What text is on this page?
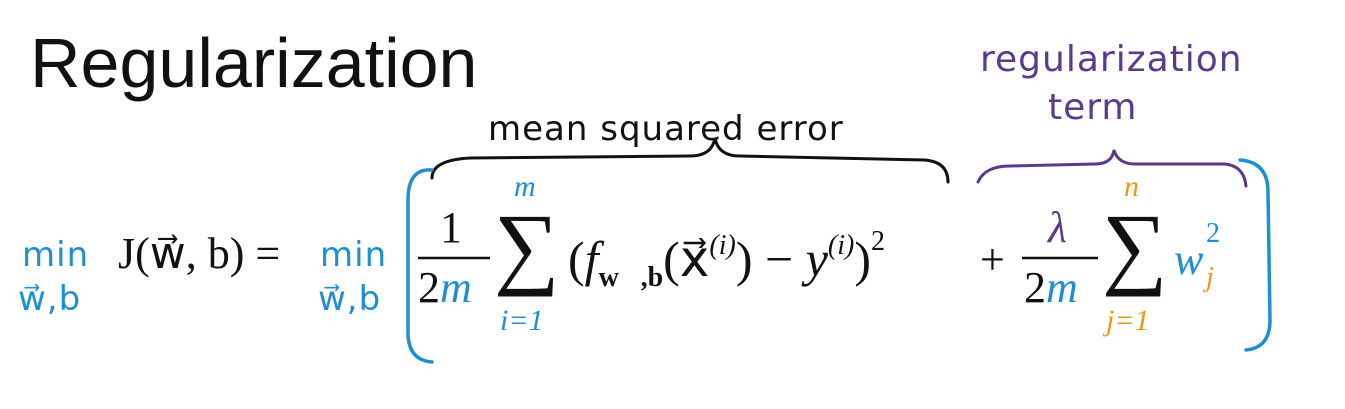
Regularization
mean squared error
regularization
term
min
w⃗,b
J(w⃗, b) = min
w⃗,b
1
2m
m
∑
i=1
$(f_{w⃗,b}(x⃗^{(i)}) - y^{(i)})^2$ +
λ
2m
n
∑
j=1
w j
2
